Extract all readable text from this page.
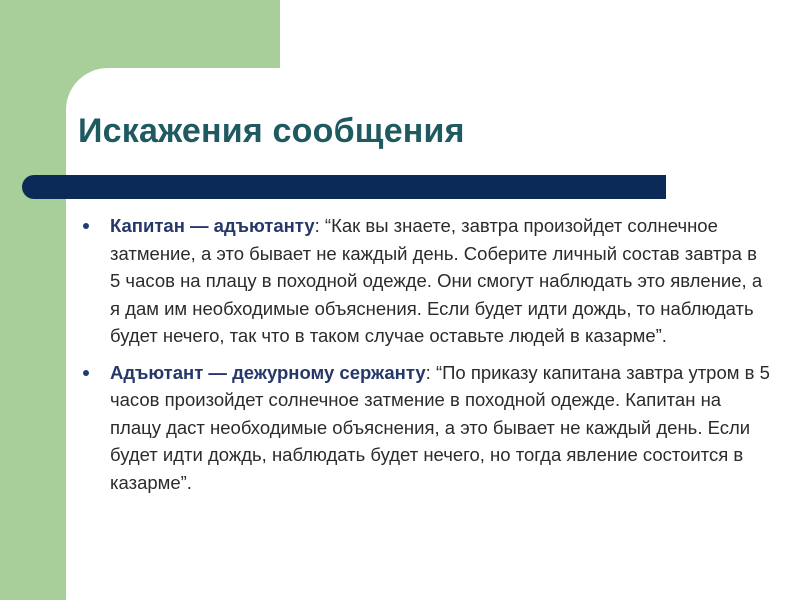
Искажения сообщения
Капитан — адъютанту: “Как вы знаете, завтра произойдет солнечное затмение, а это бывает не каждый день. Соберите личный состав завтра в 5 часов на плацу в походной одежде. Они смогут наблюдать это явление, а я дам им необходимые объяснения. Если будет идти дождь, то наблюдать будет нечего, так что в таком случае оставьте людей в казарме”.
Адъютант — дежурному сержанту: “По приказу капитана завтра утром в 5 часов произойдет солнечное затмение в походной одежде. Капитан на плацу даст необходимые объяснения, а это бывает не каждый день. Если будет идти дождь, наблюдать будет нечего, но тогда явление состоится в казарме”.
